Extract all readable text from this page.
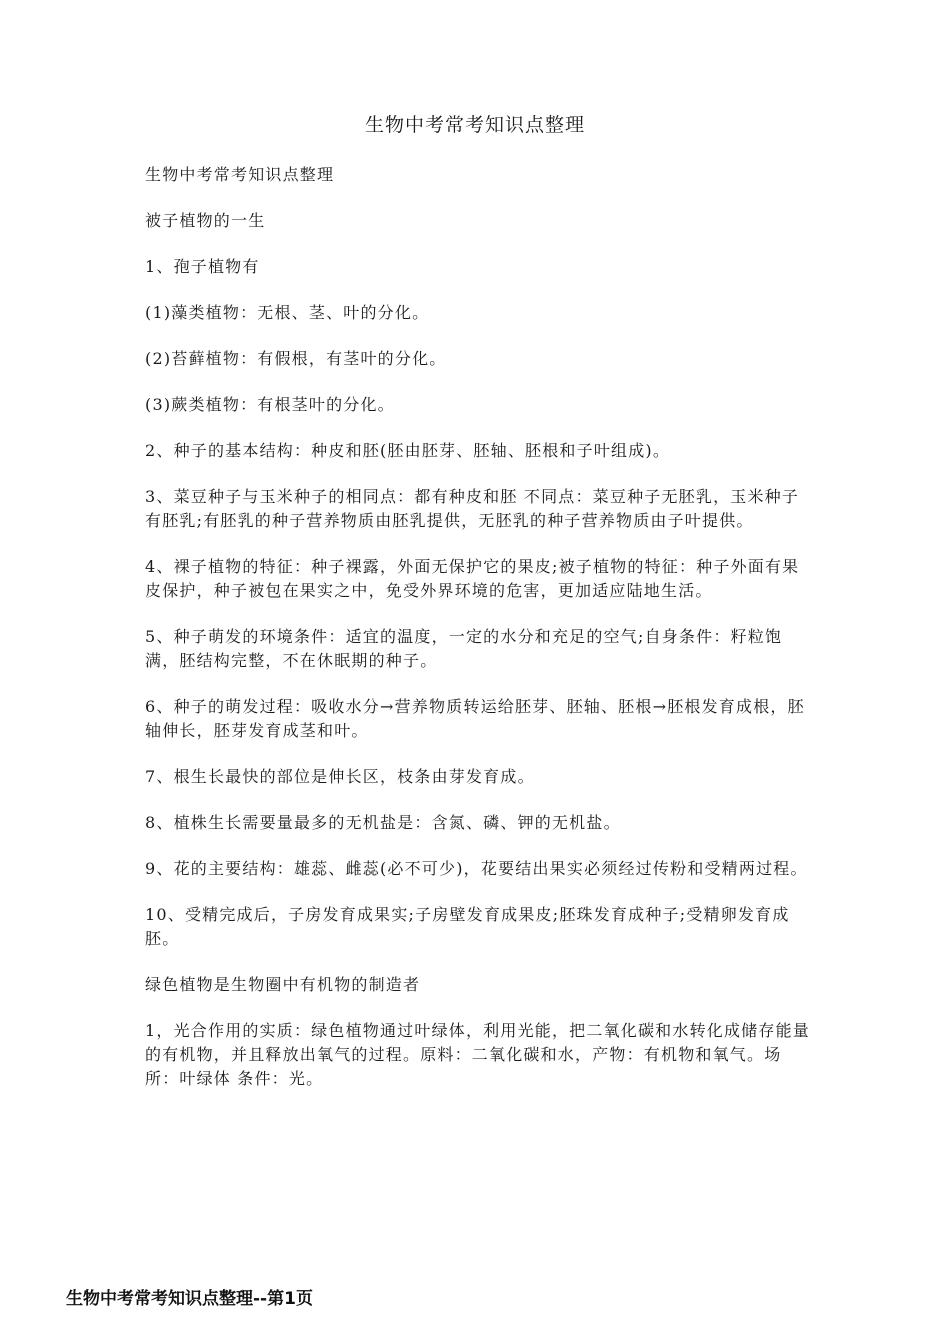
生物中考常考知识点整理

生物中考常考知识点整理

被子植物的一生

1、孢子植物有

(1)藻类植物：无根、茎、叶的分化。

(2)苔藓植物：有假根，有茎叶的分化。

(3)蕨类植物：有根茎叶的分化。

2、种子的基本结构：种皮和胚(胚由胚芽、胚轴、胚根和子叶组成)。

3、菜豆种子与玉米种子的相同点：都有种皮和胚 不同点：菜豆种子无胚乳，玉米种子有胚乳;有胚乳的种子营养物质由胚乳提供，无胚乳的种子营养物质由子叶提供。

4、裸子植物的特征：种子裸露，外面无保护它的果皮;被子植物的特征：种子外面有果皮保护，种子被包在果实之中，免受外界环境的危害，更加适应陆地生活。

5、种子萌发的环境条件：适宜的温度，一定的水分和充足的空气;自身条件：籽粒饱满，胚结构完整，不在休眠期的种子。

6、种子的萌发过程：吸收水分→营养物质转运给胚芽、胚轴、胚根→胚根发育成根，胚轴伸长，胚芽发育成茎和叶。

7、根生长最快的部位是伸长区，枝条由芽发育成。

8、植株生长需要量最多的无机盐是：含氮、磷、钾的无机盐。

9、花的主要结构：雄蕊、雌蕊(必不可少)，花要结出果实必须经过传粉和受精两过程。

10、受精完成后，子房发育成果实;子房壁发育成果皮;胚珠发育成种子;受精卵发育成胚。

绿色植物是生物圈中有机物的制造者

1，光合作用的实质：绿色植物通过叶绿体，利用光能，把二氧化碳和水转化成储存能量的有机物，并且释放出氧气的过程。原料：二氧化碳和水，产物：有机物和氧气。场所：叶绿体 条件：光。

生物中考常考知识点整理--第1页
